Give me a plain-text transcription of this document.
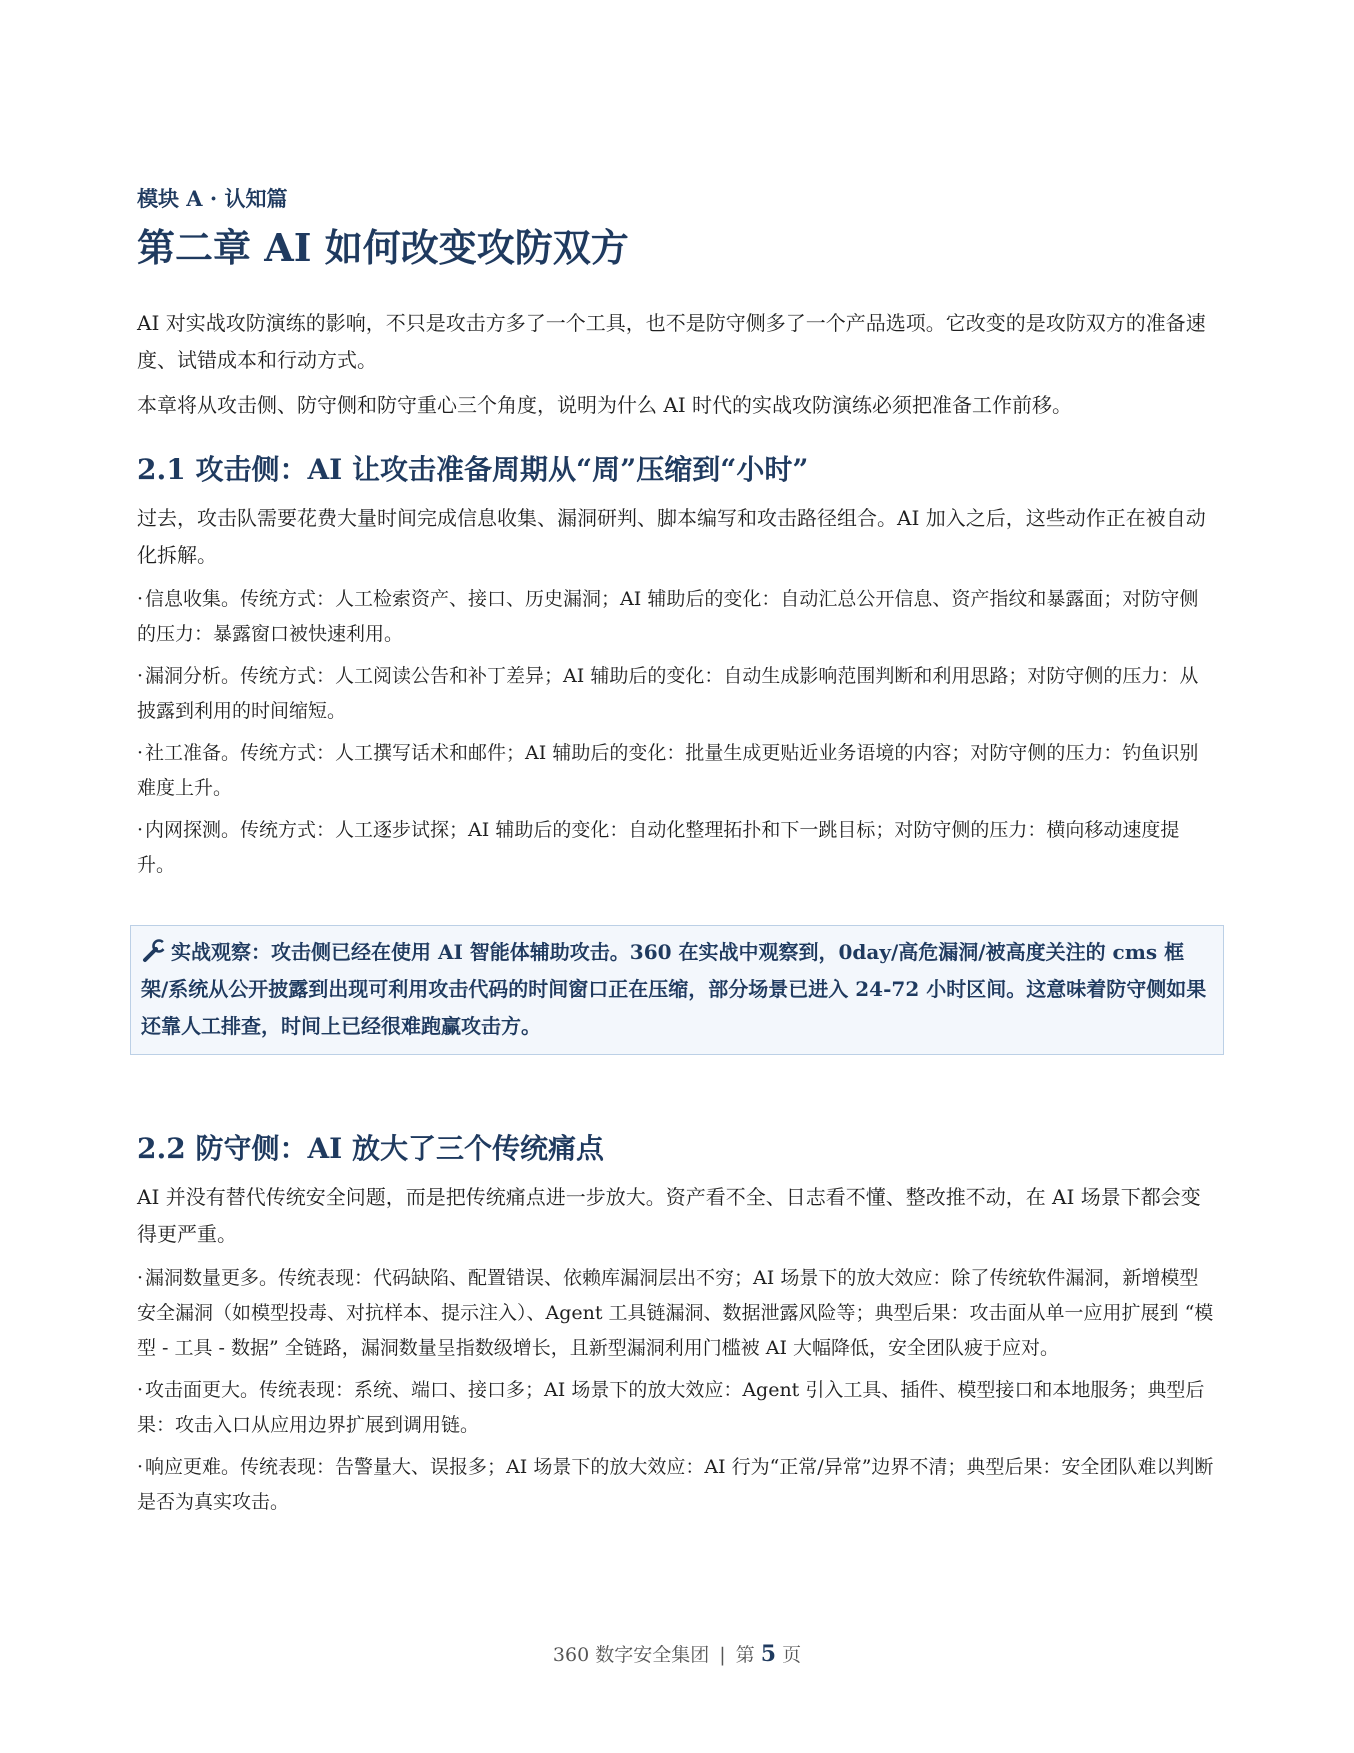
模块 A · 认知篇
第二章 AI 如何改变攻防双方

AI 对实战攻防演练的影响，不只是攻击方多了一个工具，也不是防守侧多了一个产品选项。它改变的是攻防双方的准备速度、试错成本和行动方式。

本章将从攻击侧、防守侧和防守重心三个角度，说明为什么 AI 时代的实战攻防演练必须把准备工作前移。

2.1 攻击侧：AI 让攻击准备周期从“周”压缩到“小时”

过去，攻击队需要花费大量时间完成信息收集、漏洞研判、脚本编写和攻击路径组合。AI 加入之后，这些动作正在被自动化拆解。

· 信息收集。传统方式：人工检索资产、接口、历史漏洞；AI 辅助后的变化：自动汇总公开信息、资产指纹和暴露面；对防守侧的压力：暴露窗口被快速利用。
· 漏洞分析。传统方式：人工阅读公告和补丁差异；AI 辅助后的变化：自动生成影响范围判断和利用思路；对防守侧的压力：从披露到利用的时间缩短。
· 社工准备。传统方式：人工撰写话术和邮件；AI 辅助后的变化：批量生成更贴近业务语境的内容；对防守侧的压力：钓鱼识别难度上升。
· 内网探测。传统方式：人工逐步试探；AI 辅助后的变化：自动化整理拓扑和下一跳目标；对防守侧的压力：横向移动速度提升。
实战观察：攻击侧已经在使用 AI 智能体辅助攻击。360 在实战中观察到，0day/高危漏洞/被高度关注的 cms 框架/系统从公开披露到出现可利用攻击代码的时间窗口正在压缩，部分场景已进入 24-72 小时区间。这意味着防守侧如果还靠人工排查，时间上已经很难跑赢攻击方。
2.2 防守侧：AI 放大了三个传统痛点

AI 并没有替代传统安全问题，而是把传统痛点进一步放大。资产看不全、日志看不懂、整改推不动，在 AI 场景下都会变得更严重。

· 漏洞数量更多。传统表现：代码缺陷、配置错误、依赖库漏洞层出不穷；AI 场景下的放大效应：除了传统软件漏洞，新增模型安全漏洞（如模型投毒、对抗样本、提示注入）、Agent 工具链漏洞、数据泄露风险等；典型后果：攻击面从单一应用扩展到 “模型 - 工具 - 数据” 全链路，漏洞数量呈指数级增长，且新型漏洞利用门槛被 AI 大幅降低，安全团队疲于应对。
· 攻击面更大。传统表现：系统、端口、接口多；AI 场景下的放大效应：Agent 引入工具、插件、模型接口和本地服务；典型后果：攻击入口从应用边界扩展到调用链。
· 响应更难。传统表现：告警量大、误报多；AI 场景下的放大效应：AI 行为“正常/异常”边界不清；典型后果：安全团队难以判断是否为真实攻击。
360 数字安全集团 | 第 5 页
